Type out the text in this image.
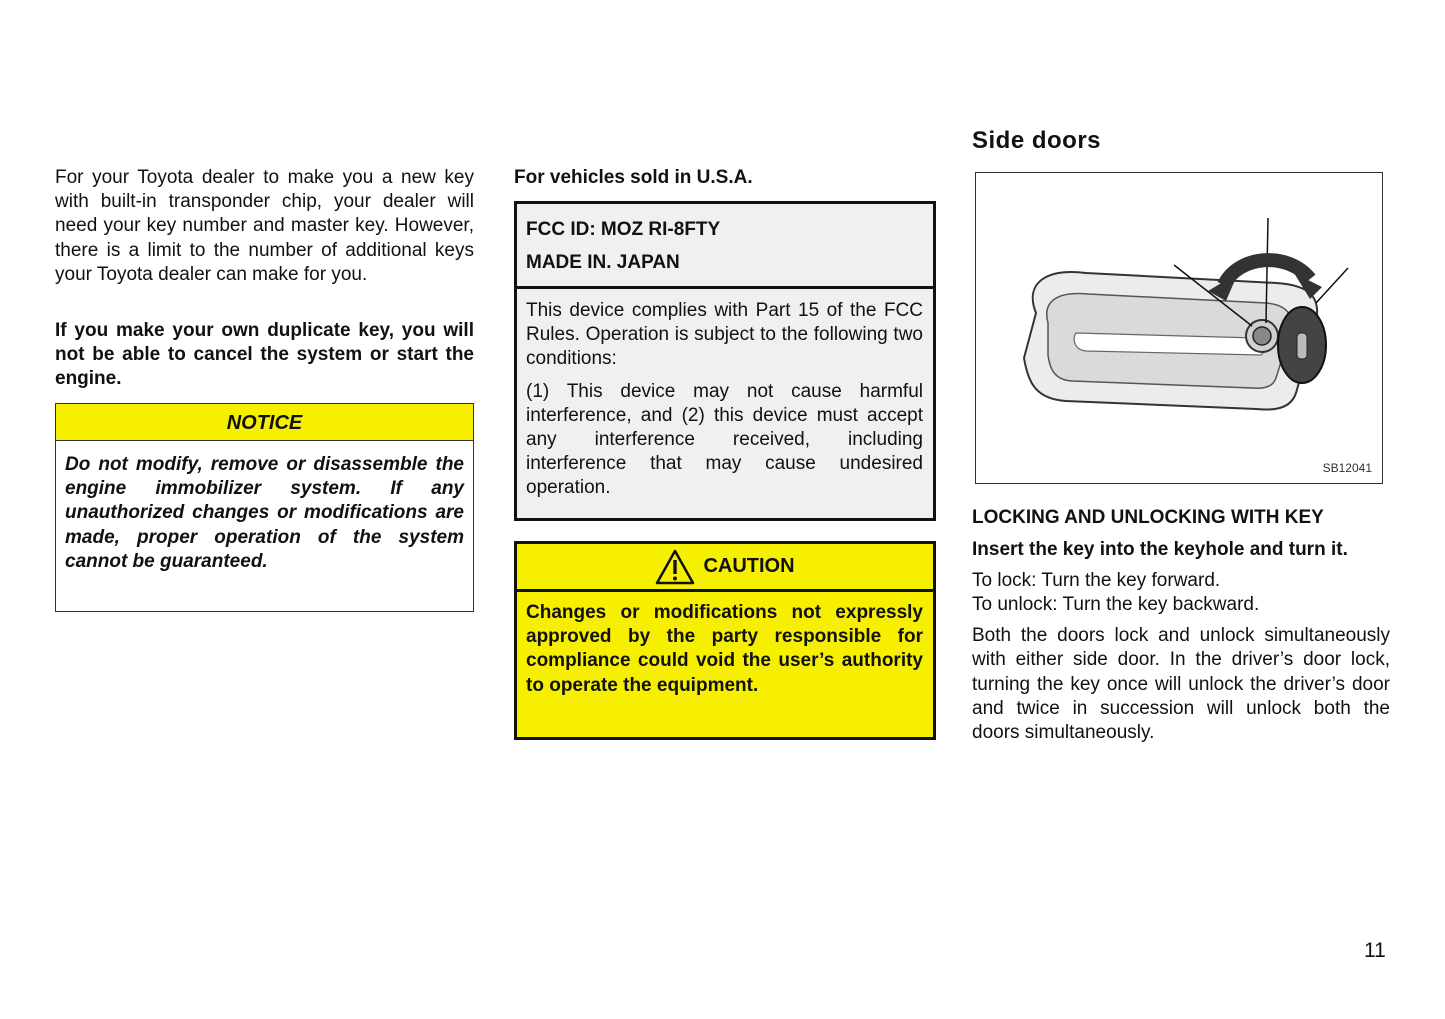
For your Toyota dealer to make you a new key with built-in transponder chip, your dealer will need your key number and master key. However, there is a limit to the number of additional keys your Toyota dealer can make for you.

If you make your own duplicate key, you will not be able to cancel the system or start the engine.

NOTICE
Do not modify, remove or disassemble the engine immobilizer system. If any unauthorized changes or modifications are made, proper operation of the system cannot be guaranteed.
For vehicles sold in U.S.A.
FCC ID: MOZ RI-8FTY
MADE IN. JAPAN

This device complies with Part 15 of the FCC Rules. Operation is subject to the following two conditions:

(1) This device may not cause harmful interference, and (2) this device must accept any interference received, including interference that may cause undesired operation.

CAUTION
Changes or modifications not expressly approved by the party responsible for compliance could void the user’s authority to operate the equipment.
Side doors
SB12041
LOCKING AND UNLOCKING WITH KEY

Insert the key into the keyhole and turn it.

To lock: Turn the key forward.
To unlock: Turn the key backward.

Both the doors lock and unlock simultaneously with either side door. In the driver’s door lock, turning the key once will unlock the driver’s door and twice in succession will unlock both the doors simultaneously.

11
